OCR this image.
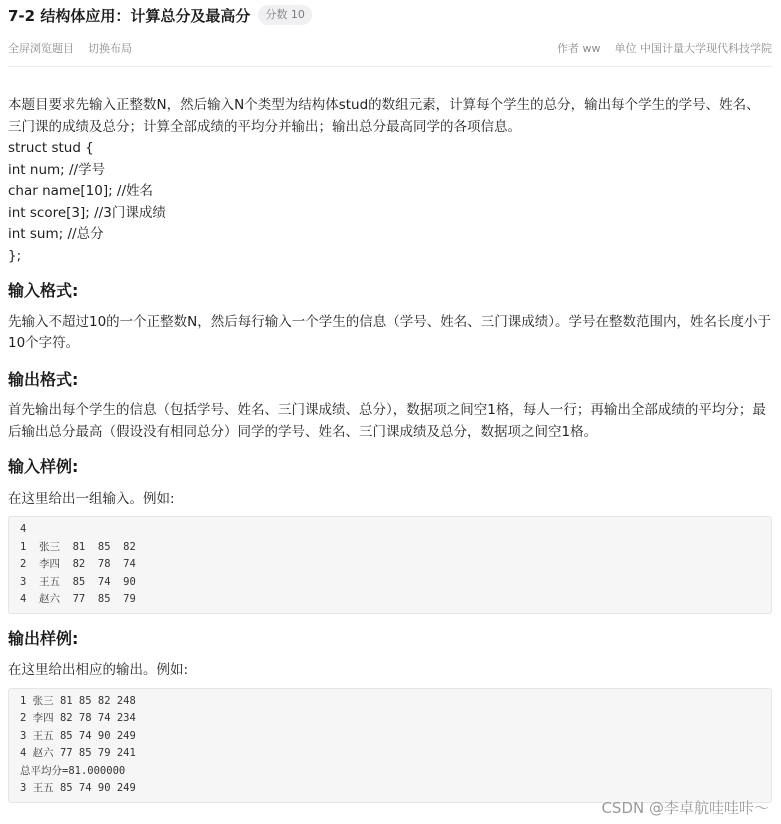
7-2 结构体应用：计算总分及最高分	分数 10
全屏浏览题目 切换布局	作者 ww 单位 中国计量大学现代科技学院

本题目要求先输入正整数N，然后输入N个类型为结构体stud的数组元素，计算每个学生的总分，输出每个学生的学号、姓名、三门课的成绩及总分；计算全部成绩的平均分并输出；输出总分最高同学的各项信息。

struct stud {

int num; //学号

char name[10]; //姓名

int score[3]; //3门课成绩

int sum; //总分

};

输入格式:

先输入不超过10的一个正整数N，然后每行输入一个学生的信息（学号、姓名、三门课成绩）。学号在整数范围内，姓名长度小于10个字符。

输出格式:

首先输出每个学生的信息（包括学号、姓名、三门课成绩、总分），数据项之间空1格，每人一行；再输出全部成绩的平均分；最后输出总分最高（假设没有相同总分）同学的学号、姓名、三门课成绩及总分，数据项之间空1格。

输入样例:

在这里给出一组输入。例如:

4
1  张三  81  85  82
2  李四  82  78  74
3  王五  85  74  90
4  赵六  77  85  79
输出样例:

在这里给出相应的输出。例如:

1 张三 81 85 82 248
2 李四 82 78 74 234
3 王五 85 74 90 249
4 赵六 77 85 79 241
总平均分=81.000000
3 王五 85 74 90 249
CSDN @李卓航哇哇咔～
